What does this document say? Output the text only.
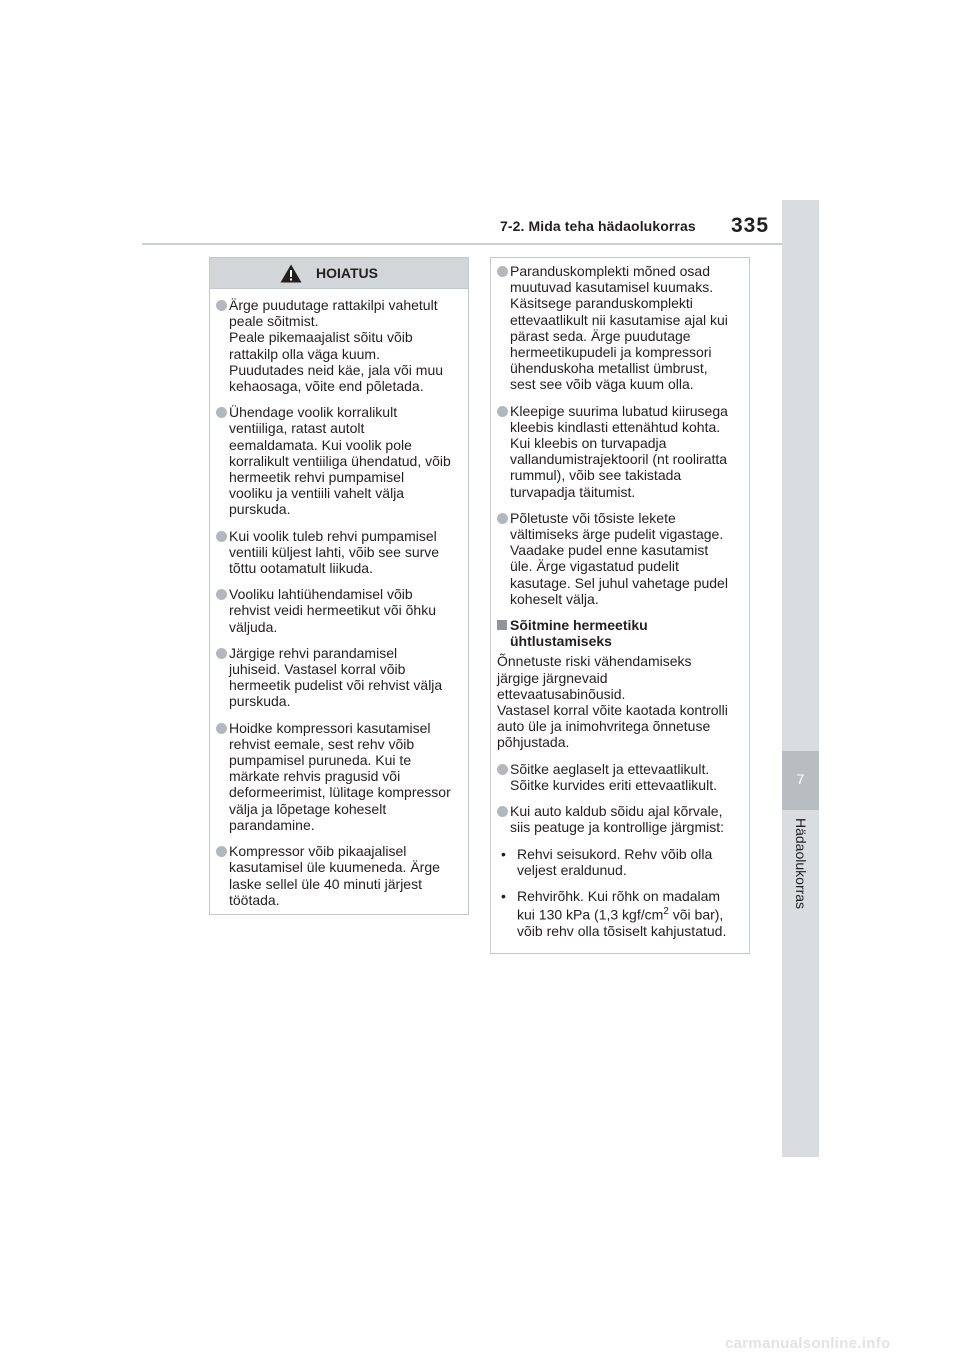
7-2. Mida teha hädaolukorras 335
7
Hädaolukorras
HOIATUS
Ärge puudutage rattakilpi vahetult
peale sõitmist.
Peale pikemaajalist sõitu võib
rattakilp olla väga kuum.
Puudutades neid käe, jala või muu
kehaosaga, võite end põletada.
Ühendage voolik korralikult
ventiiliga, ratast autolt
eemaldamata. Kui voolik pole
korralikult ventiiliga ühendatud, võib
hermeetik rehvi pumpamisel
vooliku ja ventiili vahelt välja
purskuda.
Kui voolik tuleb rehvi pumpamisel
ventiili küljest lahti, võib see surve
tõttu ootamatult liikuda.
Vooliku lahtiühendamisel võib
rehvist veidi hermeetikut või õhku
väljuda.
Järgige rehvi parandamisel
juhiseid. Vastasel korral võib
hermeetik pudelist või rehvist välja
purskuda.
Hoidke kompressori kasutamisel
rehvist eemale, sest rehv võib
pumpamisel puruneda. Kui te
märkate rehvis pragusid või
deformeerimist, lülitage kompressor
välja ja lõpetage koheselt
parandamine.
Kompressor võib pikaajalisel
kasutamisel üle kuumeneda. Ärge
laske sellel üle 40 minuti järjest
töötada.
Paranduskomplekti mõned osad
muutuvad kasutamisel kuumaks.
Käsitsege paranduskomplekti
ettevaatlikult nii kasutamise ajal kui
pärast seda. Ärge puudutage
hermeetikupudeli ja kompressori
ühenduskoha metallist ümbrust,
sest see võib väga kuum olla.
Kleepige suurima lubatud kiirusega
kleebis kindlasti ettenähtud kohta.
Kui kleebis on turvapadja
vallandumistrajektooril (nt rooliratta
rummul), võib see takistada
turvapadja täitumist.
Põletuste või tõsiste lekete
vältimiseks ärge pudelit vigastage.
Vaadake pudel enne kasutamist
üle. Ärge vigastatud pudelit
kasutage. Sel juhul vahetage pudel
koheselt välja.
Sõitmine hermeetiku
ühtlustamiseks
Õnnetuste riski vähendamiseks
järgige järgnevaid
ettevaatusabinõusid.
Vastasel korral võite kaotada kontrolli
auto üle ja inimohvritega õnnetuse
põhjustada.
Sõitke aeglaselt ja ettevaatlikult.
Sõitke kurvides eriti ettevaatlikult.
Kui auto kaldub sõidu ajal kõrvale,
siis peatuge ja kontrollige järgmist:
• Rehvi seisukord. Rehv võib olla
veljest eraldunud.
• Rehvirõhk. Kui rõhk on madalam
kui 130 kPa (1,3 kgf/$cm^2$ või bar),
võib rehv olla tõsiselt kahjustatud.
carmanualsonline.info
